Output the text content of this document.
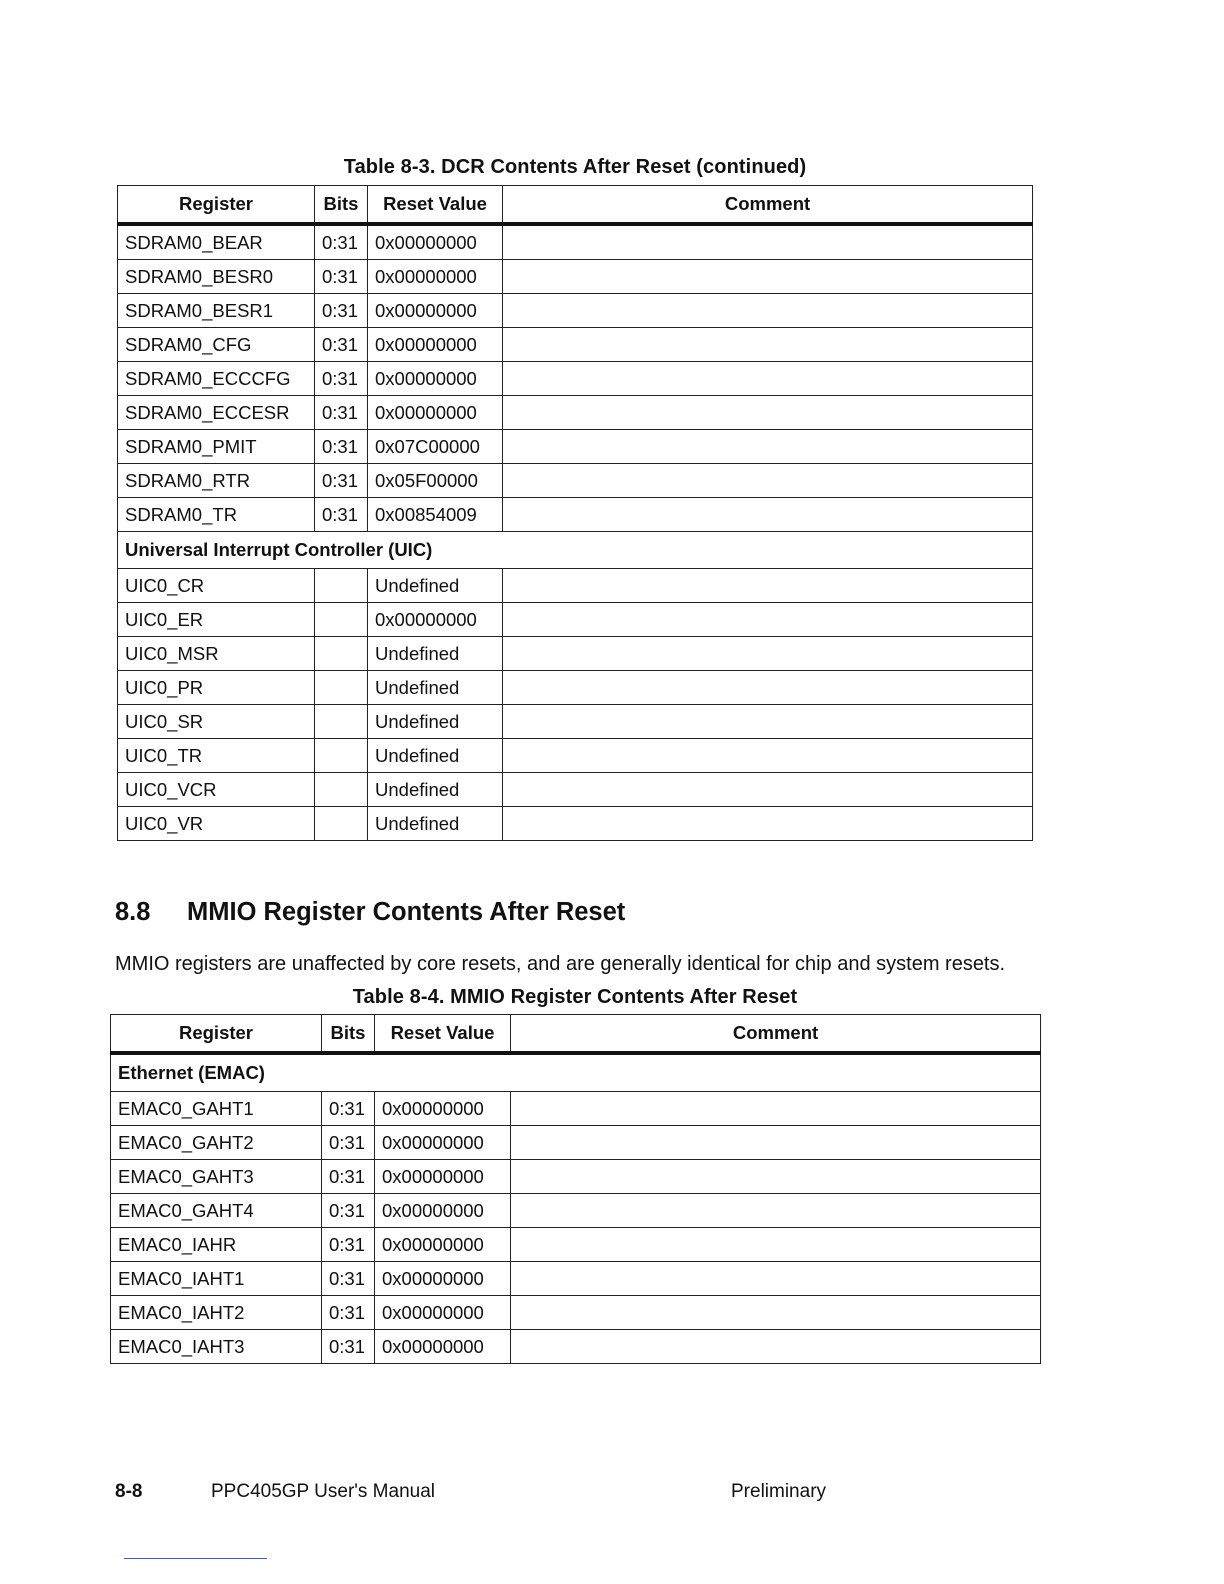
Table 8-3. DCR Contents After Reset (continued)
Register	Bits	Reset Value	Comment
SDRAM0_BEAR	0:31	0x00000000	
SDRAM0_BESR0	0:31	0x00000000	
SDRAM0_BESR1	0:31	0x00000000	
SDRAM0_CFG	0:31	0x00000000	
SDRAM0_ECCCFG	0:31	0x00000000	
SDRAM0_ECCESR	0:31	0x00000000	
SDRAM0_PMIT	0:31	0x07C00000	
SDRAM0_RTR	0:31	0x05F00000	
SDRAM0_TR	0:31	0x00854009	
Universal Interrupt Controller (UIC)			
UIC0_CR		Undefined	
UIC0_ER		0x00000000	
UIC0_MSR		Undefined	
UIC0_PR		Undefined	
UIC0_SR		Undefined	
UIC0_TR		Undefined	
UIC0_VCR		Undefined	
UIC0_VR		Undefined	
8.8 MMIO Register Contents After Reset
MMIO registers are unaffected by core resets, and are generally identical for chip and system resets.
Table 8-4. MMIO Register Contents After Reset
Register	Bits	Reset Value	Comment
Ethernet (EMAC)			
EMAC0_GAHT1	0:31	0x00000000	
EMAC0_GAHT2	0:31	0x00000000	
EMAC0_GAHT3	0:31	0x00000000	
EMAC0_GAHT4	0:31	0x00000000	
EMAC0_IAHR	0:31	0x00000000	
EMAC0_IAHT1	0:31	0x00000000	
EMAC0_IAHT2	0:31	0x00000000	
EMAC0_IAHT3	0:31	0x00000000	
8-8	PPC405GP User's Manual	Preliminary
